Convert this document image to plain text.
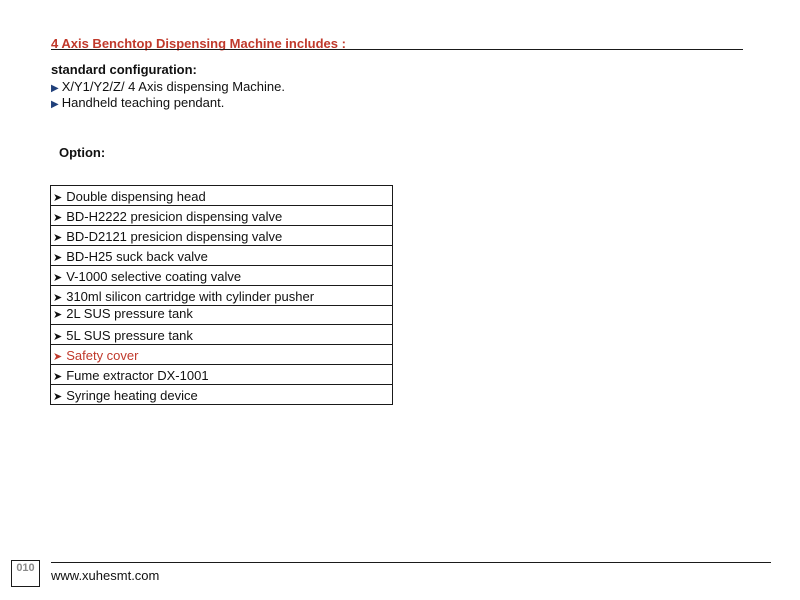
4 Axis Benchtop Dispensing Machine includes :
standard configuration:
▶ X/Y1/Y2/Z/ 4 Axis dispensing Machine.
▶ Handheld teaching pendant.
Option:
➤ Double dispensing head
➤ BD-H2222 presicion dispensing valve
➤ BD-D2121 presicion dispensing valve
➤ BD-H25 suck back valve
➤ V-1000 selective coating valve
➤ 310ml silicon cartridge with cylinder pusher
➤ 2L SUS pressure tank
➤ 5L SUS pressure tank
➤ Safety cover
➤ Fume extractor DX-1001
➤ Syringe heating device
010	www.xuhesmt.com
